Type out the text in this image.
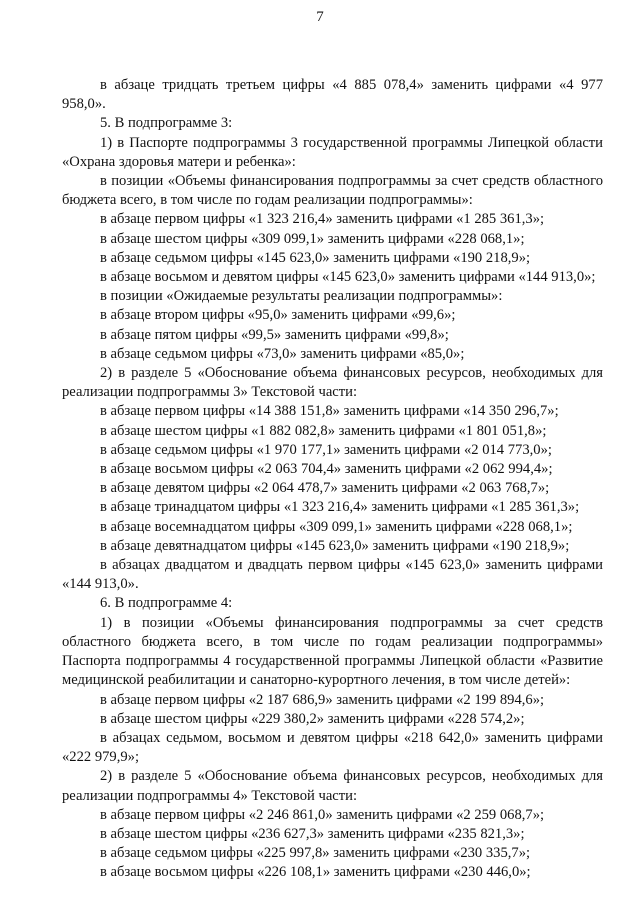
7

в абзаце тридцать третьем цифры «4 885 078,4» заменить цифрами «4 977 958,0».

5. В подпрограмме 3:

1) в Паспорте подпрограммы 3 государственной программы Липецкой области «Охрана здоровья матери и ребенка»:

в позиции «Объемы финансирования подпрограммы за счет средств областного бюджета всего, в том числе по годам реализации подпрограммы»:

в абзаце первом цифры «1 323 216,4» заменить цифрами «1 285 361,3»;

в абзаце шестом цифры «309 099,1» заменить цифрами «228 068,1»;

в абзаце седьмом цифры «145 623,0» заменить цифрами «190 218,9»;

в абзаце восьмом и девятом цифры «145 623,0» заменить цифрами «144 913,0»;

в позиции «Ожидаемые результаты реализации подпрограммы»:

в абзаце втором цифры «95,0» заменить цифрами «99,6»;

в абзаце пятом цифры «99,5» заменить цифрами «99,8»;

в абзаце седьмом цифры «73,0» заменить цифрами «85,0»;

2) в разделе 5 «Обоснование объема финансовых ресурсов, необходимых для реализации подпрограммы 3» Текстовой части:

в абзаце первом цифры «14 388 151,8» заменить цифрами «14 350 296,7»;

в абзаце шестом цифры «1 882 082,8» заменить цифрами «1 801 051,8»;

в абзаце седьмом цифры «1 970 177,1» заменить цифрами «2 014 773,0»;

в абзаце восьмом цифры «2 063 704,4» заменить цифрами «2 062 994,4»;

в абзаце девятом цифры «2 064 478,7» заменить цифрами «2 063 768,7»;

в абзаце тринадцатом цифры «1 323 216,4» заменить цифрами «1 285 361,3»;

в абзаце восемнадцатом цифры «309 099,1» заменить цифрами «228 068,1»;

в абзаце девятнадцатом цифры «145 623,0» заменить цифрами «190 218,9»;

в абзацах двадцатом и двадцать первом цифры «145 623,0» заменить цифрами «144 913,0».

6. В подпрограмме 4:

1) в позиции «Объемы финансирования подпрограммы за счет средств областного бюджета всего, в том числе по годам реализации подпрограммы» Паспорта подпрограммы 4 государственной программы Липецкой области «Развитие медицинской реабилитации и санаторно-курортного лечения, в том числе детей»:

в абзаце первом цифры «2 187 686,9» заменить цифрами «2 199 894,6»;

в абзаце шестом цифры «229 380,2» заменить цифрами «228 574,2»;

в абзацах седьмом, восьмом и девятом цифры «218 642,0» заменить цифрами «222 979,9»;

2) в разделе 5 «Обоснование объема финансовых ресурсов, необходимых для реализации подпрограммы 4» Текстовой части:

в абзаце первом цифры «2 246 861,0» заменить цифрами «2 259 068,7»;

в абзаце шестом цифры «236 627,3» заменить цифрами «235 821,3»;

в абзаце седьмом цифры «225 997,8» заменить цифрами «230 335,7»;

в абзаце восьмом цифры «226 108,1» заменить цифрами «230 446,0»;
